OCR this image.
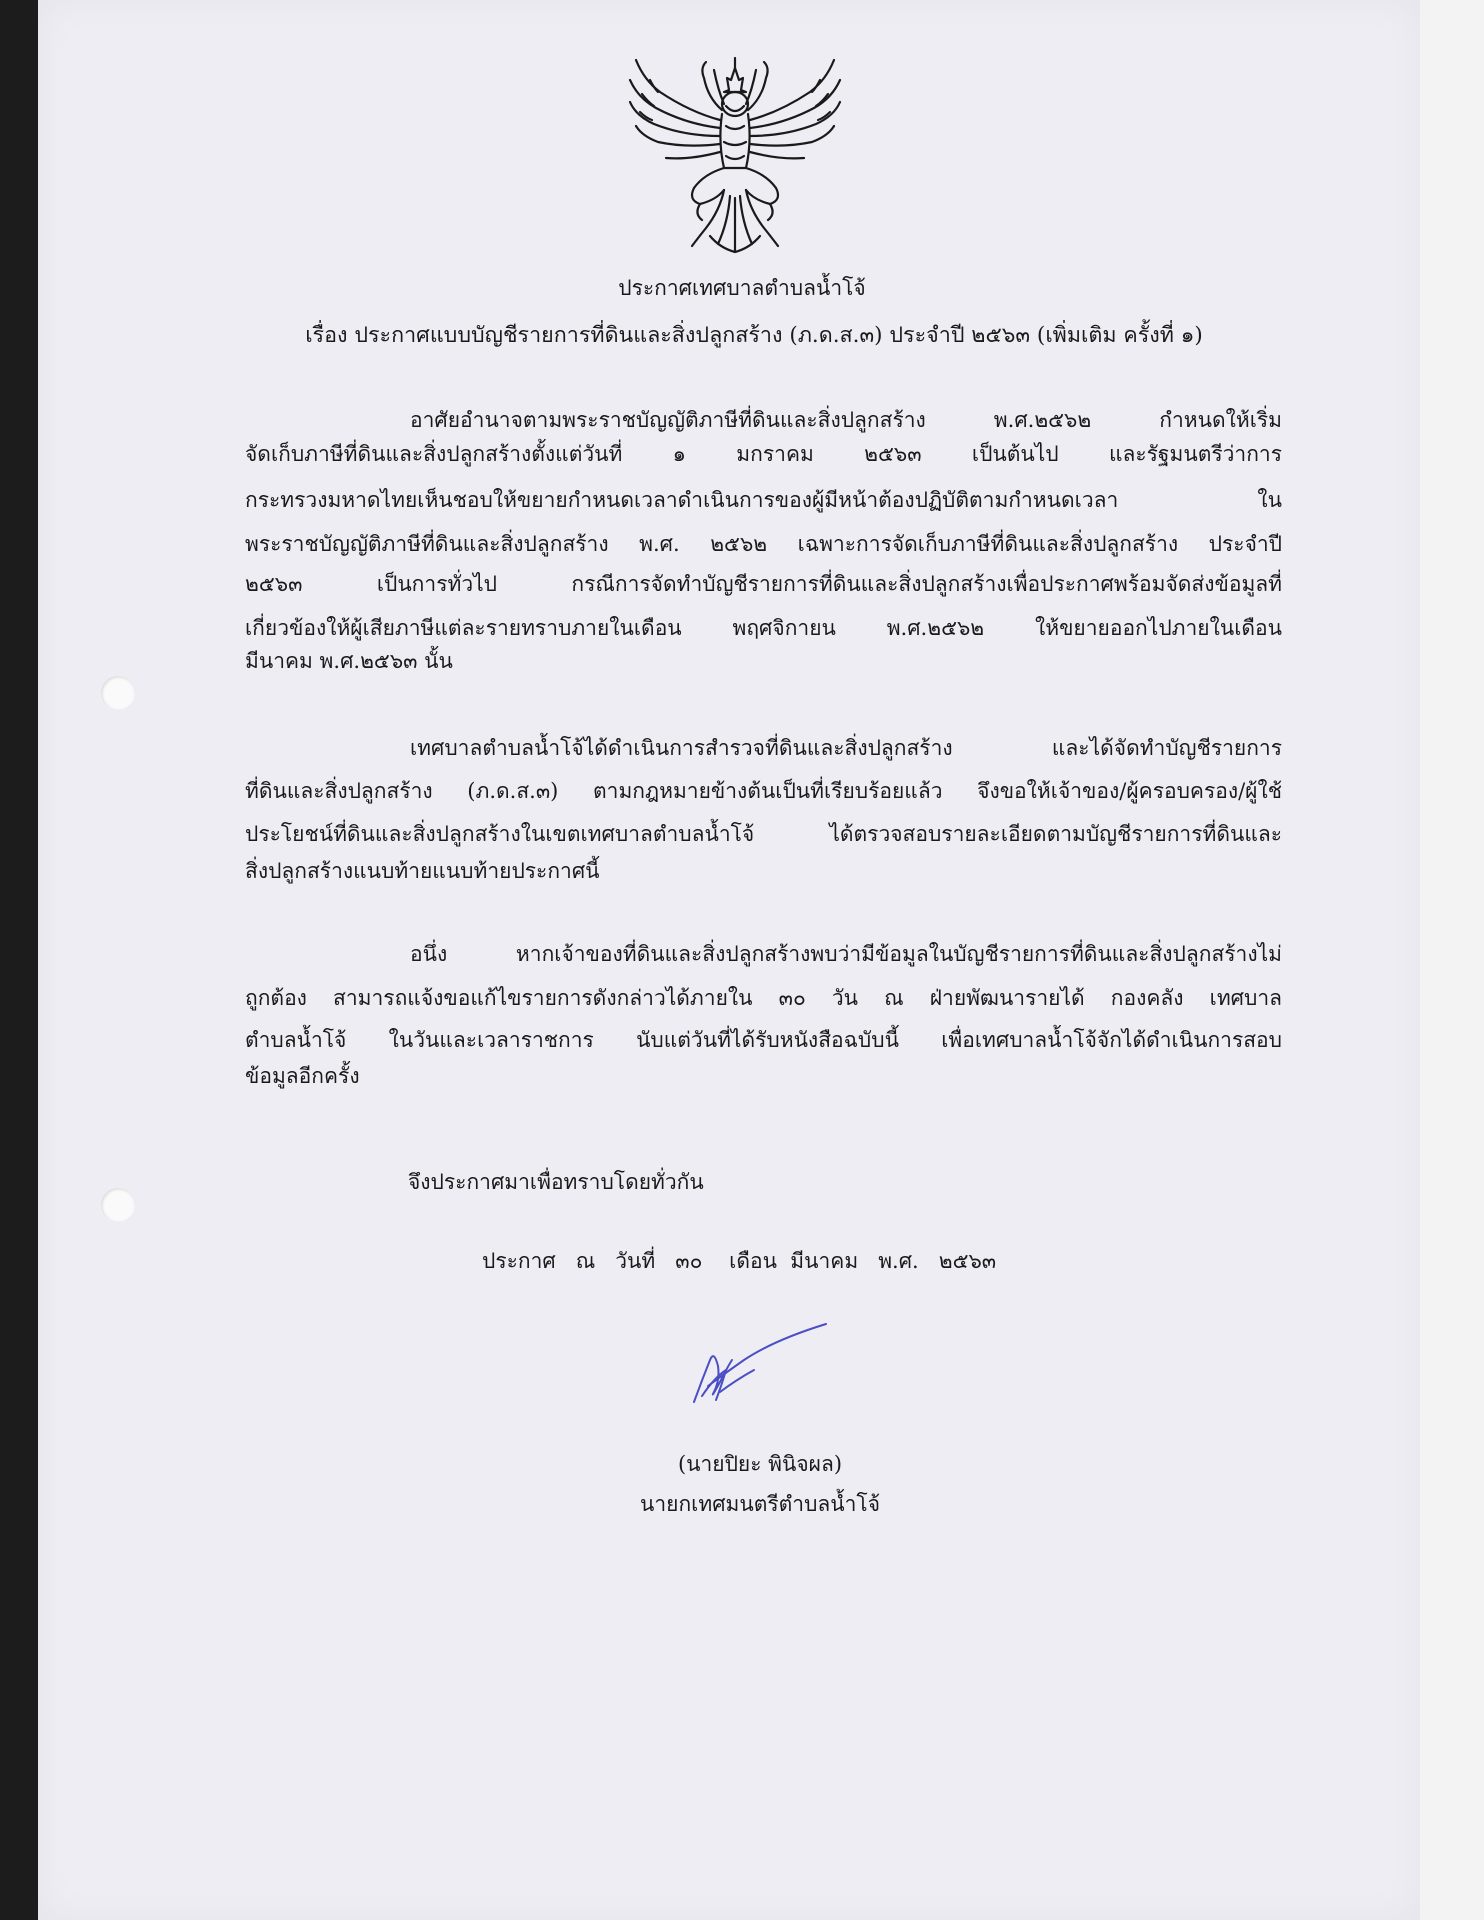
ประกาศเทศบาลตำบลน้ำโจ้
เรื่อง ประกาศแบบบัญชีรายการที่ดินและสิ่งปลูกสร้าง (ภ.ด.ส.๓) ประจำปี ๒๕๖๓ (เพิ่มเติม ครั้งที่ ๑)
อาศัยอำนาจตามพระราชบัญญัติภาษีที่ดินและสิ่งปลูกสร้าง พ.ศ.๒๕๖๒ กำหนดให้เริ่ม
จัดเก็บภาษีที่ดินและสิ่งปลูกสร้างตั้งแต่วันที่ ๑ มกราคม ๒๕๖๓ เป็นต้นไป และรัฐมนตรีว่าการ
กระทรวงมหาดไทยเห็นชอบให้ขยายกำหนดเวลาดำเนินการของผู้มีหน้าต้องปฏิบัติตามกำหนดเวลา ใน
พระราชบัญญัติภาษีที่ดินและสิ่งปลูกสร้าง พ.ศ. ๒๕๖๒ เฉพาะการจัดเก็บภาษีที่ดินและสิ่งปลูกสร้าง ประจำปี
๒๕๖๓ เป็นการทั่วไป กรณีการจัดทำบัญชีรายการที่ดินและสิ่งปลูกสร้างเพื่อประกาศพร้อมจัดส่งข้อมูลที่
เกี่ยวข้องให้ผู้เสียภาษีแต่ละรายทราบภายในเดือน พฤศจิกายน พ.ศ.๒๕๖๒ ให้ขยายออกไปภายในเดือน
มีนาคม พ.ศ.๒๕๖๓ นั้น
เทศบาลตำบลน้ำโจ้ได้ดำเนินการสำรวจที่ดินและสิ่งปลูกสร้าง และได้จัดทำบัญชีรายการ
ที่ดินและสิ่งปลูกสร้าง (ภ.ด.ส.๓) ตามกฎหมายข้างต้นเป็นที่เรียบร้อยแล้ว จึงขอให้เจ้าของ/ผู้ครอบครอง/ผู้ใช้
ประโยชน์ที่ดินและสิ่งปลูกสร้างในเขตเทศบาลตำบลน้ำโจ้ ได้ตรวจสอบรายละเอียดตามบัญชีรายการที่ดินและ
สิ่งปลูกสร้างแนบท้ายแนบท้ายประกาศนี้
อนึ่ง หากเจ้าของที่ดินและสิ่งปลูกสร้างพบว่ามีข้อมูลในบัญชีรายการที่ดินและสิ่งปลูกสร้างไม่
ถูกต้อง สามารถแจ้งขอแก้ไขรายการดังกล่าวได้ภายใน ๓๐ วัน ณ ฝ่ายพัฒนารายได้ กองคลัง เทศบาล
ตำบลน้ำโจ้ ในวันและเวลาราชการ นับแต่วันที่ได้รับหนังสือฉบับนี้ เพื่อเทศบาลน้ำโจ้จักได้ดำเนินการสอบ
ข้อมูลอีกครั้ง
จึงประกาศมาเพื่อทราบโดยทั่วกัน
ประกาศ   ณ   วันที่   ๓๐    เดือน  มีนาคม   พ.ศ.   ๒๕๖๓
(นายปิยะ พินิจผล)
นายกเทศมนตรีตำบลน้ำโจ้
